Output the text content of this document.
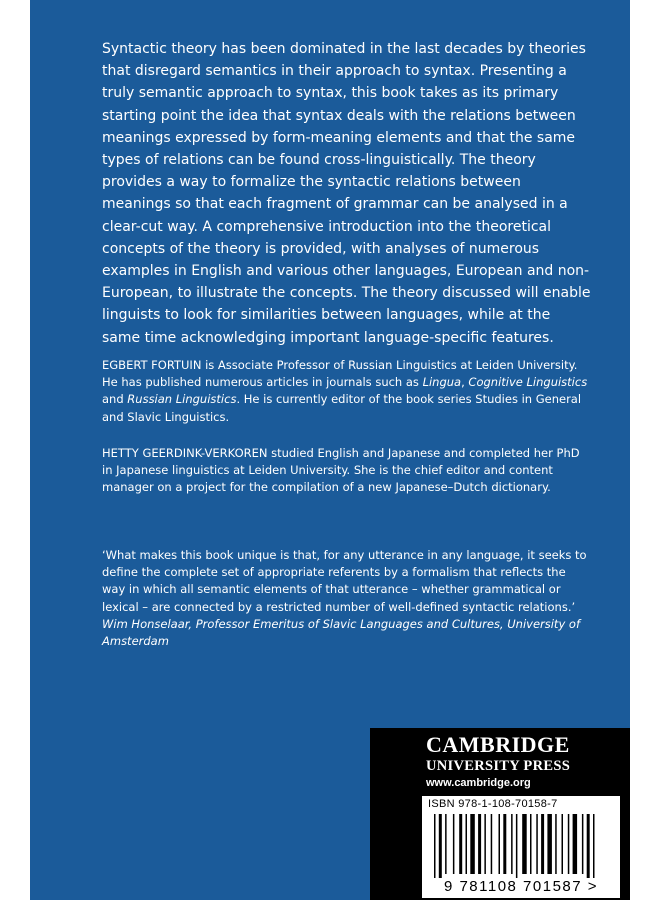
Syntactic theory has been dominated in the last decades by theories that disregard semantics in their approach to syntax. Presenting a truly semantic approach to syntax, this book takes as its primary starting point the idea that syntax deals with the relations between meanings expressed by form-meaning elements and that the same types of relations can be found cross-linguistically. The theory provides a way to formalize the syntactic relations between meanings so that each fragment of grammar can be analysed in a clear-cut way. A comprehensive introduction into the theoretical concepts of the theory is provided, with analyses of numerous examples in English and various other languages, European and non-European, to illustrate the concepts. The theory discussed will enable linguists to look for similarities between languages, while at the same time acknowledging important language-specific features.

EGBERT FORTUIN is Associate Professor of Russian Linguistics at Leiden University. He has published numerous articles in journals such as Lingua, Cognitive Linguistics and Russian Linguistics. He is currently editor of the book series Studies in General and Slavic Linguistics.

HETTY GEERDINK-VERKOREN studied English and Japanese and completed her PhD in Japanese linguistics at Leiden University. She is the chief editor and content manager on a project for the compilation of a new Japanese–Dutch dictionary.

‘What makes this book unique is that, for any utterance in any language, it seeks to define the complete set of appropriate referents by a formalism that reflects the way in which all semantic elements of that utterance – whether grammatical or lexical – are connected by a restricted number of well-defined syntactic relations.’

Wim Honselaar, Professor Emeritus of Slavic Languages and Cultures, University of Amsterdam
CAMBRIDGE
UNIVERSITY PRESS
www.cambridge.org
ISBN 978-1-108-70158-7
9 781108 701587 >
